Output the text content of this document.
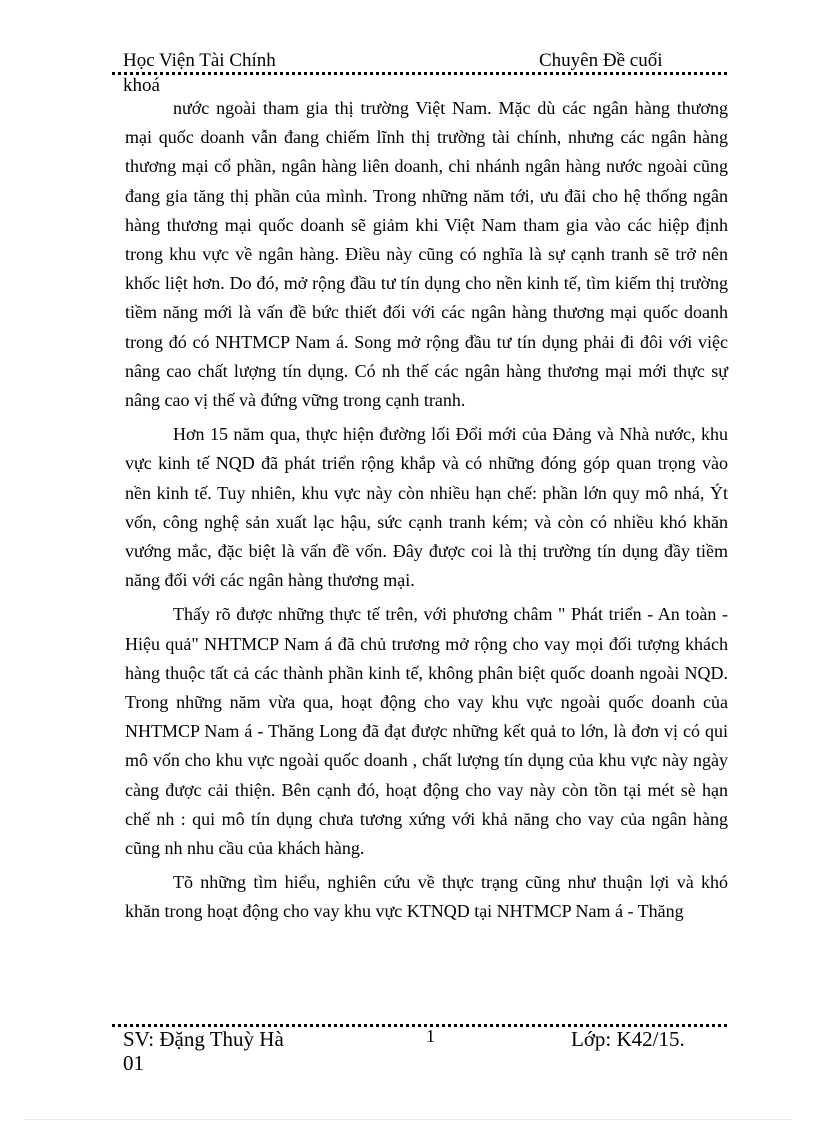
Học Viện Tài Chính
khoá
Chuyên Đề cuối

nước ngoài tham gia thị trường Việt Nam. Mặc dù các ngân hàng thương mại quốc doanh vẫn đang chiếm lĩnh thị trường tài chính, nhưng các ngân hàng thương mại cổ phần, ngân hàng liên doanh, chi nhánh ngân hàng nước ngoài cũng đang gia tăng thị phần của mình. Trong những năm tới, ưu đãi cho hệ thống ngân hàng thương mại quốc doanh sẽ giảm khi Việt Nam tham gia vào các hiệp định trong khu vực về ngân hàng. Điều này cũng có nghĩa là sự cạnh tranh sẽ trở nên khốc liệt hơn. Do đó, mở rộng đầu tư tín dụng cho nền kinh tế, tìm kiếm thị trường tiềm năng mới là vấn đề bức thiết đối với các ngân hàng thương mại quốc doanh trong đó có NHTMCP Nam á. Song mở rộng đầu tư tín dụng phải đi đôi với việc nâng cao chất lượng tín dụng. Có nh thế các ngân hàng thương mại mới thực sự nâng cao vị thế và đứng vững trong cạnh tranh.

Hơn 15 năm qua, thực hiện đường lối Đổi mới của Đảng và Nhà nước, khu vực kinh tế NQD đã phát triển rộng khắp và có những đóng góp quan trọng vào nền kinh tế. Tuy nhiên, khu vực này còn nhiều hạn chế: phần lớn quy mô nhá, Ýt vốn, công nghệ sản xuất lạc hậu, sức cạnh tranh kém; và còn có nhiều khó khăn vướng mắc, đặc biệt là vấn đề vốn. Đây được coi là thị trường tín dụng đầy tiềm năng đối với các ngân hàng thương mại.

Thấy rõ được những thực tế trên, với phương châm " Phát triển - An toàn - Hiệu quả" NHTMCP Nam á đã chủ trương mở rộng cho vay mọi đối tượng khách hàng thuộc tất cả các thành phần kinh tế, không phân biệt quốc doanh ngoài NQD. Trong những năm vừa qua, hoạt động cho vay khu vực ngoài quốc doanh của NHTMCP Nam á - Thăng Long đã đạt được những kết quả to lớn, là đơn vị có qui mô vốn cho khu vực ngoài quốc doanh , chất lượng tín dụng của khu vực này ngày càng được cải thiện. Bên cạnh đó, hoạt động cho vay này còn tồn tại mét sè hạn chế nh : qui mô tín dụng chưa tương xứng với khả năng cho vay của ngân hàng cũng nh nhu cầu của khách hàng.

Tõ những tìm hiểu, nghiên cứu về thực trạng cũng như thuận lợi và khó khăn trong hoạt động cho vay khu vực KTNQD tại NHTMCP Nam á - Thăng

SV: Đặng Thuỳ Hà
01
1	Lớp: K42/15.
